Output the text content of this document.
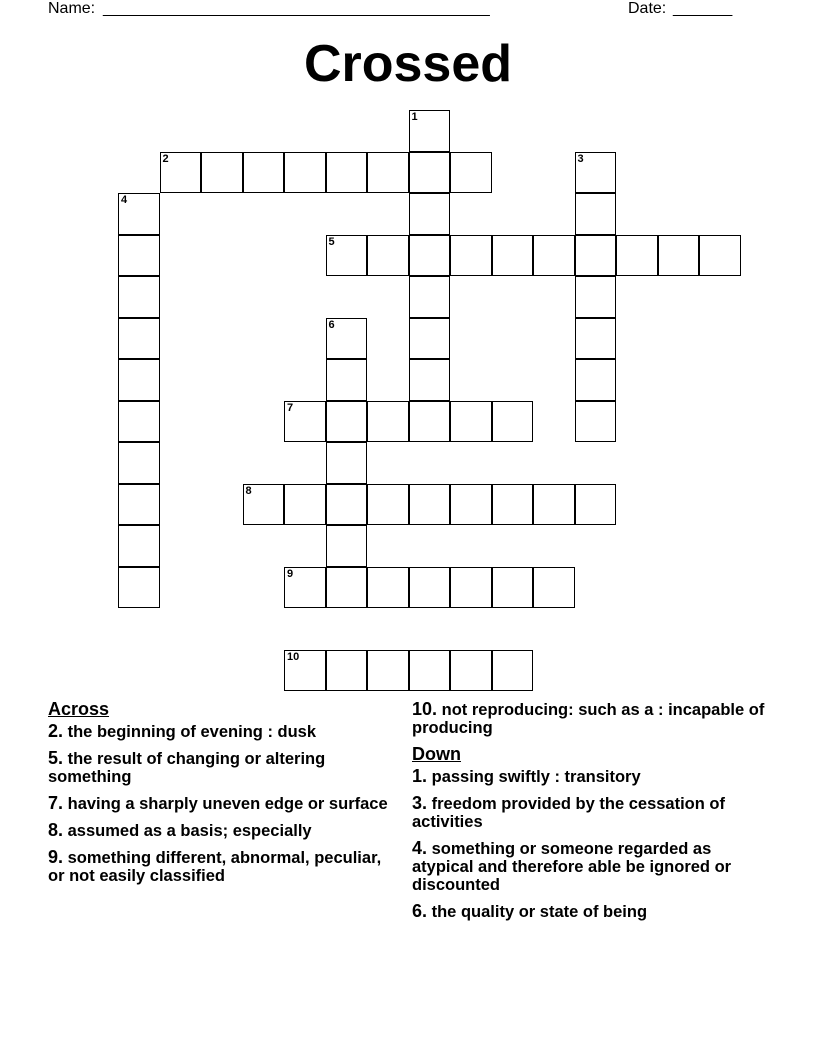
Name: ______________________________________________	Date: _______
Crossed
1
2	3
4
5
6
7
8
9
10
Across
2. the beginning of evening : dusk
5. the result of changing or altering something
7. having a sharply uneven edge or surface
8. assumed as a basis; especially
9. something different, abnormal, peculiar, or not easily classified
10. not reproducing: such as a : incapable of producing
Down
1. passing swiftly : transitory
3. freedom provided by the cessation of activities
4. something or someone regarded as atypical and therefore able be ignored or discounted
6. the quality or state of being
